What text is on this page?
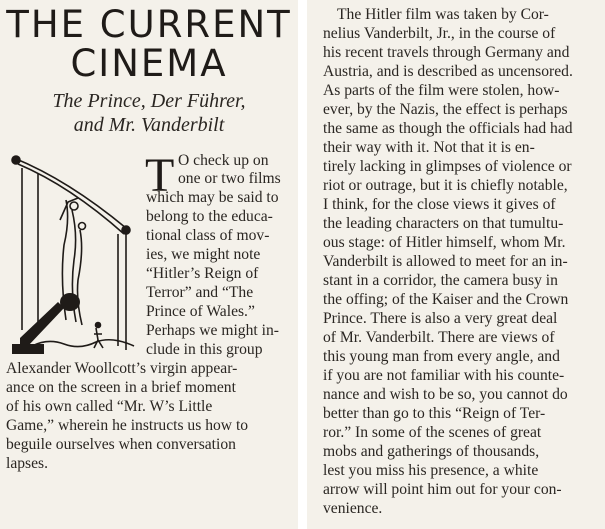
THE CURRENT
CINEMA

The Prince, Der Führer,

and Mr. Vanderbilt

T O check up on
one or two films
which may be said to
belong to the educa-
tional class of mov-
ies, we might note
“Hitler’s Reign of
Terror” and “The
Prince of Wales.”
Perhaps we might in-
clude in this group
Alexander Woollcott’s virgin appear-
ance on the screen in a brief moment
of his own called “Mr. W’s Little
Game,” wherein he instructs us how to
beguile ourselves when conversation
lapses.
The Hitler film was taken by Cor-
nelius Vanderbilt, Jr., in the course of
his recent travels through Germany and
Austria, and is described as uncensored.
As parts of the film were stolen, how-
ever, by the Nazis, the effect is perhaps
the same as though the officials had had
their way with it. Not that it is en-
tirely lacking in glimpses of violence or
riot or outrage, but it is chiefly notable,
I think, for the close views it gives of
the leading characters on that tumultu-
ous stage: of Hitler himself, whom Mr.
Vanderbilt is allowed to meet for an in-
stant in a corridor, the camera busy in
the offing; of the Kaiser and the Crown
Prince. There is also a very great deal
of Mr. Vanderbilt. There are views of
this young man from every angle, and
if you are not familiar with his counte-
nance and wish to be so, you cannot do
better than go to this “Reign of Ter-
ror.” In some of the scenes of great
mobs and gatherings of thousands,
lest you miss his presence, a white
arrow will point him out for your con-
venience.
